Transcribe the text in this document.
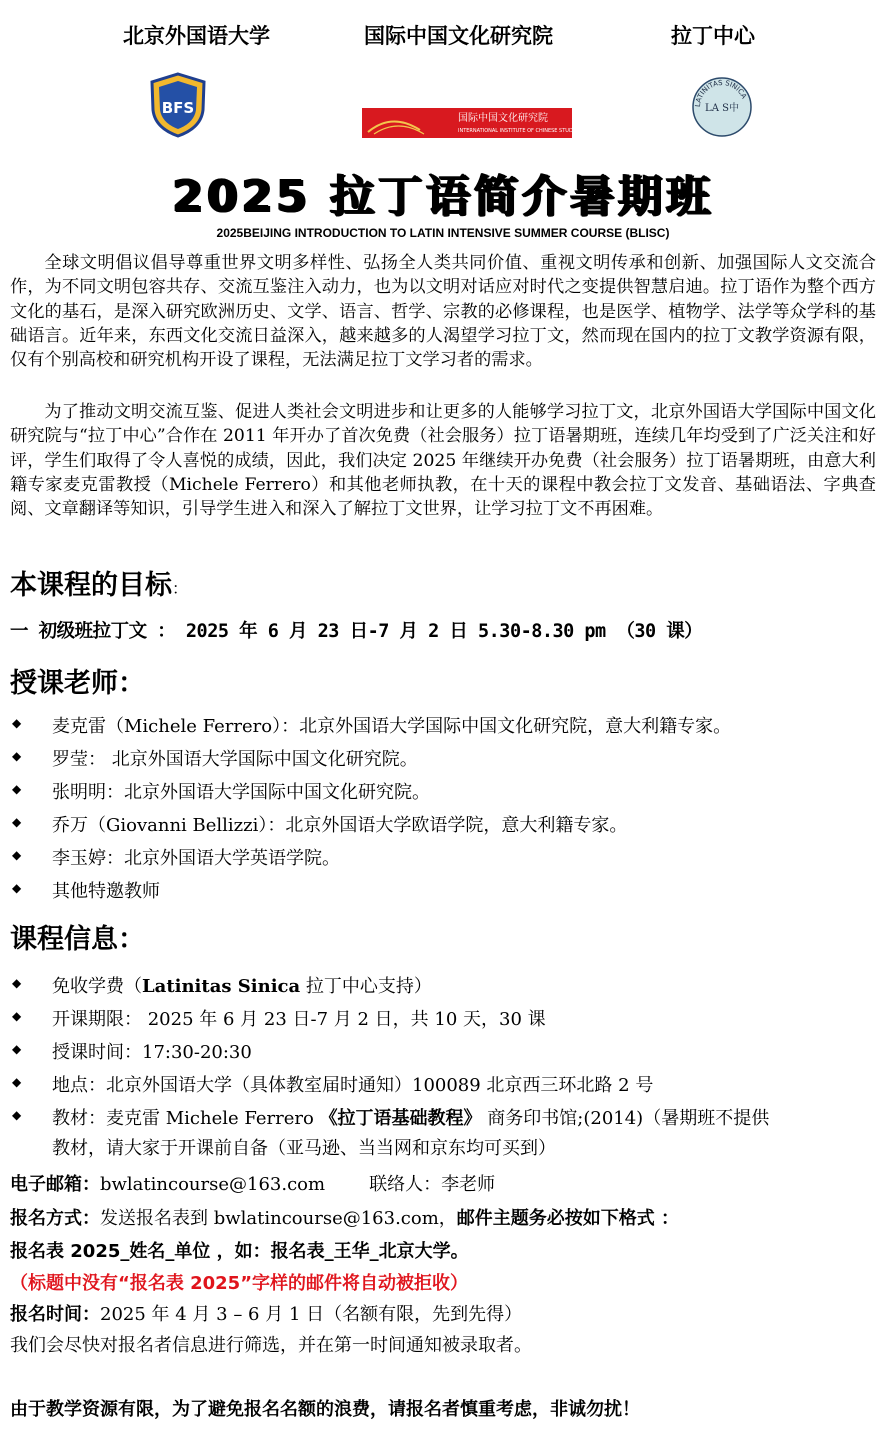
北京外国语大学	国际中国文化研究院	拉丁中心
BFS
国际中国文化研究院
INTERNATIONAL INSTITUTE OF CHINESE STUDIES
LATINITAS SINICA
LA S中
2025 拉丁语简介暑期班
2025BEIJING INTRODUCTION TO LATIN INTENSIVE SUMMER COURSE (BLISC)

全球文明倡议倡导尊重世界文明多样性、弘扬全人类共同价值、重视文明传承和创新、加强国际人文交流合作，为不同文明包容共存、交流互鉴注入动力，也为以文明对话应对时代之变提供智慧启迪。拉丁语作为整个西方文化的基石，是深入研究欧洲历史、文学、语言、哲学、宗教的必修课程，也是医学、植物学、法学等众学科的基础语言。近年来，东西文化交流日益深入，越来越多的人渴望学习拉丁文，然而现在国内的拉丁文教学资源有限，仅有个别高校和研究机构开设了课程，无法满足拉丁文学习者的需求。

为了推动文明交流互鉴、促进人类社会文明进步和让更多的人能够学习拉丁文，北京外国语大学国际中国文化研究院与“拉丁中心”合作在 2011 年开办了首次免费（社会服务）拉丁语暑期班，连续几年均受到了广泛关注和好评，学生们取得了令人喜悦的成绩，因此，我们决定 2025 年继续开办免费（社会服务）拉丁语暑期班，由意大利籍专家麦克雷教授（Michele Ferrero）和其他老师执教，在十天的课程中教会拉丁文发音、基础语法、字典查阅、文章翻译等知识，引导学生进入和深入了解拉丁文世界，让学习拉丁文不再困难。

本课程的目标：
一 初级班拉丁文 ： 2025 年 6 月 23 日-7 月 2 日 5.30-8.30 pm （30 课）
授课老师：
◆ 麦克雷（Michele Ferrero）：北京外国语大学国际中国文化研究院，意大利籍专家。
◆ 罗莹： 北京外国语大学国际中国文化研究院。
◆ 张明明：北京外国语大学国际中国文化研究院。
◆ 乔万（Giovanni Bellizzi）：北京外国语大学欧语学院，意大利籍专家。
◆ 李玉婷：北京外国语大学英语学院。
◆ 其他特邀教师
课程信息：
◆ 免收学费（Latinitas Sinica 拉丁中心支持）
◆ 开课期限： 2025 年 6 月 23 日-7 月 2 日，共 10 天，30 课
◆ 授课时间：17:30-20:30
◆ 地点：北京外国语大学（具体教室届时通知）100089 北京西三环北路 2 号
◆ 教材：麦克雷 Michele Ferrero 《拉丁语基础教程》 商务印书馆;(2014)（暑期班不提供
教材，请大家于开课前自备（亚马逊、当当网和京东均可买到）
电子邮箱：bwlatincourse@163.com 联络人：李老师
报名方式：发送报名表到 bwlatincourse@163.com，邮件主题务必按如下格式 ：
报名表 2025_姓名_单位 ，如：报名表_王华_北京大学。
（标题中没有“报名表 2025”字样的邮件将自动被拒收）
报名时间：2025 年 4 月 3 – 6 月 1 日（名额有限，先到先得）
我们会尽快对报名者信息进行筛选，并在第一时间通知被录取者。
由于教学资源有限，为了避免报名名额的浪费，请报名者慎重考虑，非诚勿扰！
